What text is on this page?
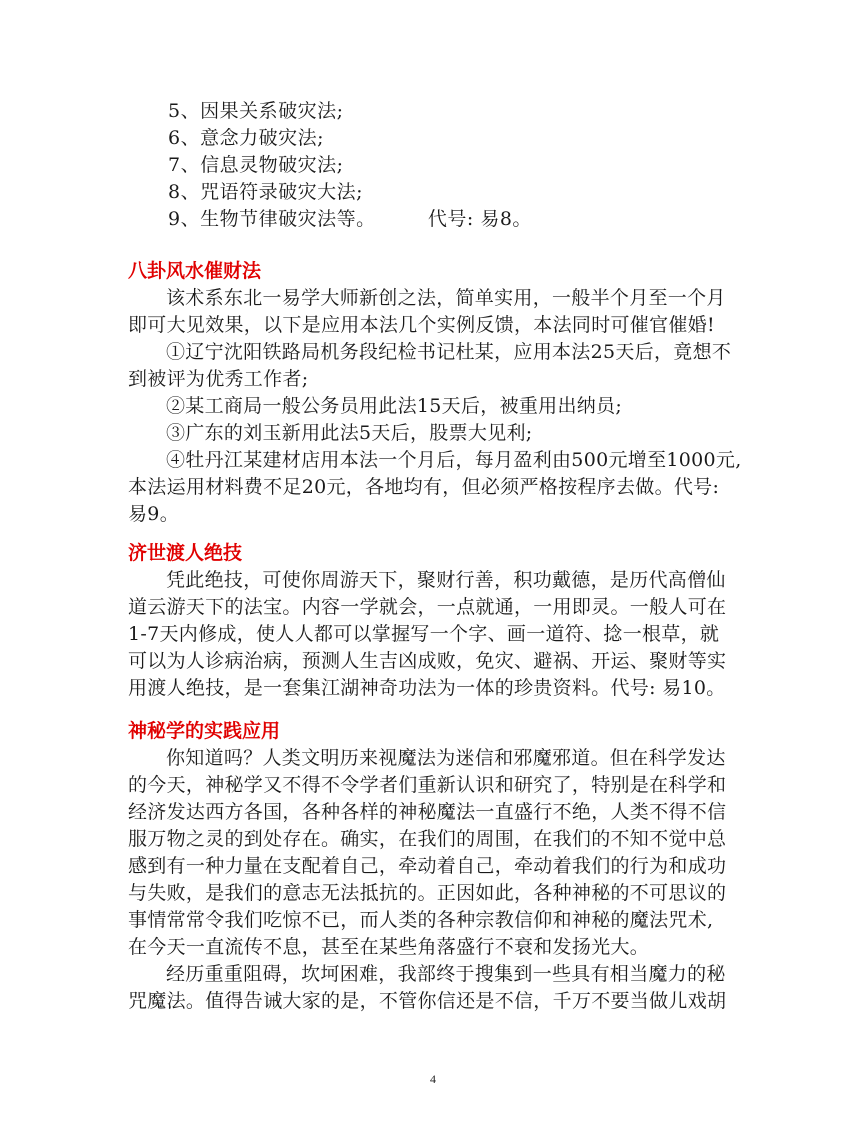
5、因果关系破灾法;
6、意念力破灾法;
7、信息灵物破灾法;
8、咒语符录破灾大法;
9、生物节律破灾法等。        代号: 易8。
八卦风水催财法
该术系东北一易学大师新创之法，简单实用，一般半个月至一个月
即可大见效果，以下是应用本法几个实例反馈，本法同时可催官催婚!
①辽宁沈阳铁路局机务段纪检书记杜某，应用本法25天后，竟想不
到被评为优秀工作者;
②某工商局一般公务员用此法15天后，被重用出纳员;
③广东的刘玉新用此法5天后，股票大见利;
④牡丹江某建材店用本法一个月后，每月盈利由500元增至1000元,
本法运用材料费不足20元，各地均有，但必须严格按程序去做。代号:
易9。
济世渡人绝技
凭此绝技，可使你周游天下，聚财行善，积功戴德，是历代高僧仙
道云游天下的法宝。内容一学就会，一点就通，一用即灵。一般人可在
1-7天内修成，使人人都可以掌握写一个字、画一道符、捻一根草，就
可以为人诊病治病，预测人生吉凶成败，免灾、避祸、开运、聚财等实
用渡人绝技，是一套集江湖神奇功法为一体的珍贵资料。代号: 易10。
神秘学的实践应用
你知道吗？人类文明历来视魔法为迷信和邪魔邪道。但在科学发达
的今天，神秘学又不得不令学者们重新认识和研究了，特别是在科学和
经济发达西方各国，各种各样的神秘魔法一直盛行不绝，人类不得不信
服万物之灵的到处存在。确实，在我们的周围，在我们的不知不觉中总
感到有一种力量在支配着自己，牵动着自己，牵动着我们的行为和成功
与失败，是我们的意志无法抵抗的。正因如此，各种神秘的不可思议的
事情常常令我们吃惊不已，而人类的各种宗教信仰和神秘的魔法咒术,
在今天一直流传不息，甚至在某些角落盛行不衰和发扬光大。
经历重重阻碍，坎坷困难，我部终于搜集到一些具有相当魔力的秘
咒魔法。值得告诫大家的是，不管你信还是不信，千万不要当做儿戏胡
4
